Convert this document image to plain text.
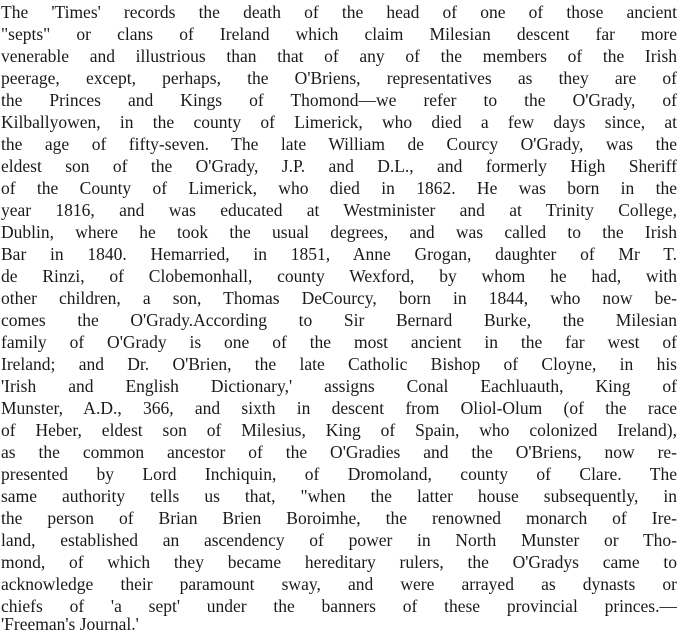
The 'Times' records the death of the head of one of those ancient
"septs" or clans of Ireland which claim Milesian descent far more
venerable and illustrious than that of any of the members of the Irish
peerage, except, perhaps, the O'Briens, representatives as they are of
the Princes and Kings of Thomond—we refer to the O'Grady, of
Kilballyowen, in the county of Limerick, who died a few days since, at
the age of fifty-seven. The late William de Courcy O'Grady, was the
eldest son of the O'Grady, J.P. and D.L., and formerly High Sheriff
of the County of Limerick, who died in 1862. He was born in the
year 1816, and was educated at Westminister and at Trinity College,
Dublin, where he took the usual degrees, and was called to the Irish
Bar in 1840. Hemarried, in 1851, Anne Grogan, daughter of Mr T.
de Rinzi, of Clobemonhall, county Wexford, by whom he had, with
other children, a son, Thomas DeCourcy, born in 1844, who now be-
comes the O'Grady.According to Sir Bernard Burke, the Milesian
family of O'Grady is one of the most ancient in the far west of
Ireland; and Dr. O'Brien, the late Catholic Bishop of Cloyne, in his
'Irish and English Dictionary,' assigns Conal Eachluauth, King of
Munster, A.D., 366, and sixth in descent from Oliol-Olum (of the race
of Heber, eldest son of Milesius, King of Spain, who colonized Ireland),
as the common ancestor of the O'Gradies and the O'Briens, now re-
presented by Lord Inchiquin, of Dromoland, county of Clare. The
same authority tells us that, "when the latter house subsequently, in
the person of Brian Brien Boroimhe, the renowned monarch of Ire-
land, established an ascendency of power in North Munster or Tho-
mond, of which they became hereditary rulers, the O'Gradys came to
acknowledge their paramount sway, and were arrayed as dynasts or
chiefs of 'a sept' under the banners of these provincial princes.—
'Freeman's Journal.'
